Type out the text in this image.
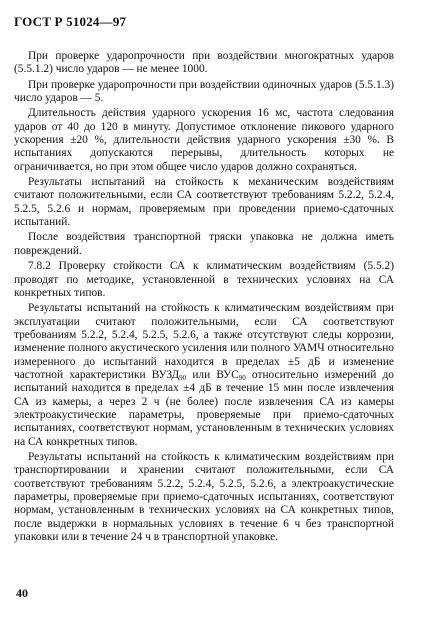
ГОСТ Р 51024—97

При проверке ударопрочности при воздействии многократных ударов (5.5.1.2) число ударов — не менее 1000.

При проверке ударопрочности при воздействии одиночных ударов (5.5.1.3) число ударов — 5.

Длительность действия ударного ускорения 16 мс, частота следования ударов от 40 до 120 в минуту. Допустимое отклонение пикового ударного ускорения ±20 %, длительности действия ударного ускорения ±30 %. В испытаниях допускаются перерывы, длительность которых не ограничивается, но при этом общее число ударов должно сохраняться.

Результаты испытаний на стойкость к механическим воздействиям считают положительными, если СА соответствуют требованиям 5.2.2, 5.2.4, 5.2.5, 5.2.6 и нормам, проверяемым при проведении приемо-сдаточных испытаний.

После воздействия транспортной тряски упаковка не должна иметь повреждений.

7.8.2 Проверку стойкости СА к климатическим воздействиям (5.5.2) проводят по методике, установленной в технических условиях на СА конкретных типов.

Результаты испытаний на стойкость к климатическим воздействиям при эксплуатации считают положительными, если СА соответствуют требованиям 5.2.2, 5.2.4, 5.2.5, 5.2.6, а также отсутствуют следы коррозии, изменение полного акустического усиления или полного УАМЧ относительно измеренного до испытаний находится в пределах ±5 дБ и изменение частотной характеристики $ВУЗД_{90}$ или $ВУС_{90}$ относительно измерений до испытаний находится в пределах ±4 дБ в течение 15 мин после извлечения СА из камеры, а через 2 ч (не более) после извлечения СА из камеры электроакустические параметры, проверяемые при приемо-сдаточных испытаниях, соответствуют нормам, установленным в технических условиях на СА конкретных типов.

Результаты испытаний на стойкость к климатическим воздействиям при транспортировании и хранении считают положительными, если СА соответствуют требованиям 5.2.2, 5.2.4, 5.2.5, 5.2.6, а электроакустические параметры, проверяемые при приемо-сдаточных испытаниях, соответствуют нормам, установленным в технических условиях на СА конкретных типов, после выдержки в нормальных условиях в течение 6 ч без транспортной упаковки или в течение 24 ч в транспортной упаковке.

40
